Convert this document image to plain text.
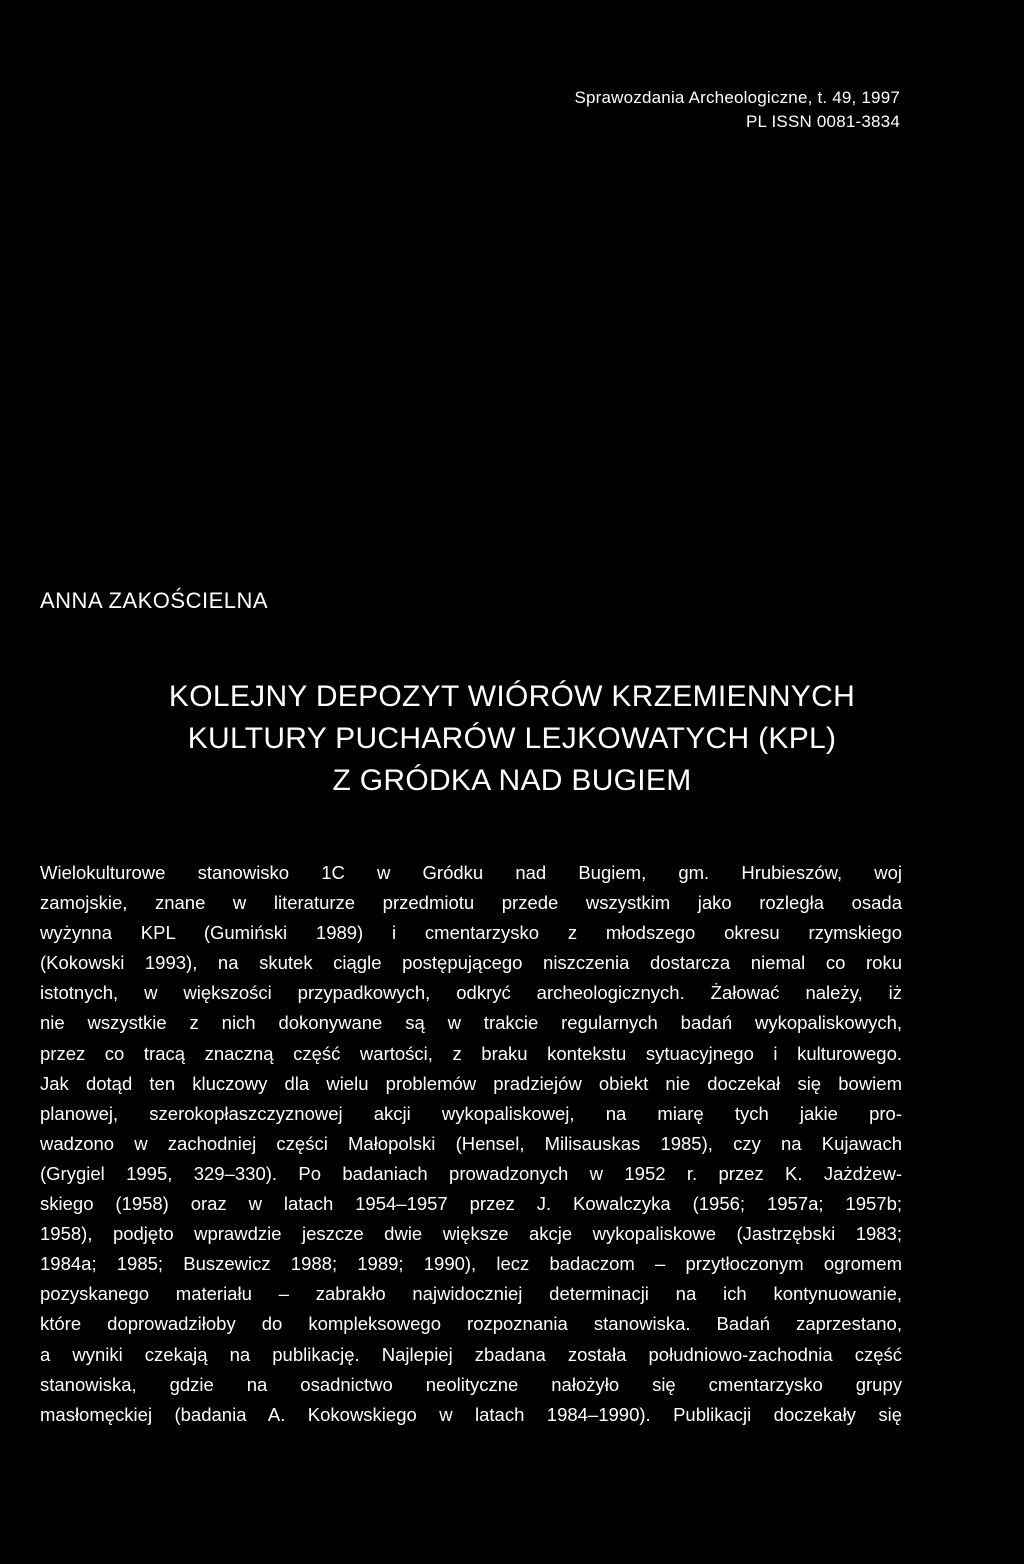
Sprawozdania Archeologiczne, t. 49, 1997
PL ISSN 0081-3834
ANNA ZAKOŚCIELNA
KOLEJNY DEPOZYT WIÓRÓW KRZEMIENNYCH
KULTURY PUCHARÓW LEJKOWATYCH (KPL)
Z GRÓDKA NAD BUGIEM
Wielokulturowe stanowisko 1C w Gródku nad Bugiem, gm. Hrubieszów, woj
zamojskie, znane w literaturze przedmiotu przede wszystkim jako rozległa osada
wyżynna KPL (Gumiński 1989) i cmentarzysko z młodszego okresu rzymskiego
(Kokowski 1993), na skutek ciągle postępującego niszczenia dostarcza niemal co roku
istotnych, w większości przypadkowych, odkryć archeologicznych. Żałować należy, iż
nie wszystkie z nich dokonywane są w trakcie regularnych badań wykopaliskowych,
przez co tracą znaczną część wartości, z braku kontekstu sytuacyjnego i kulturowego.
Jak dotąd ten kluczowy dla wielu problemów pradziejów obiekt nie doczekał się bowiem
planowej, szerokopłaszczyznowej akcji wykopaliskowej, na miarę tych jakie pro-
wadzono w zachodniej części Małopolski (Hensel, Milisauskas 1985), czy na Kujawach
(Grygiel 1995, 329–330). Po badaniach prowadzonych w 1952 r. przez K. Jażdżew-
skiego (1958) oraz w latach 1954–1957 przez J. Kowalczyka (1956; 1957a; 1957b;
1958), podjęto wprawdzie jeszcze dwie większe akcje wykopaliskowe (Jastrzębski 1983;
1984a; 1985; Buszewicz 1988; 1989; 1990), lecz badaczom – przytłoczonym ogromem
pozyskanego materiału – zabrakło najwidoczniej determinacji na ich kontynuowanie,
które doprowadziłoby do kompleksowego rozpoznania stanowiska. Badań zaprzestano,
a wyniki czekają na publikację. Najlepiej zbadana została południowo-zachodnia część
stanowiska, gdzie na osadnictwo neolityczne nałożyło się cmentarzysko grupy
masłomęckiej (badania A. Kokowskiego w latach 1984–1990). Publikacji doczekały się
